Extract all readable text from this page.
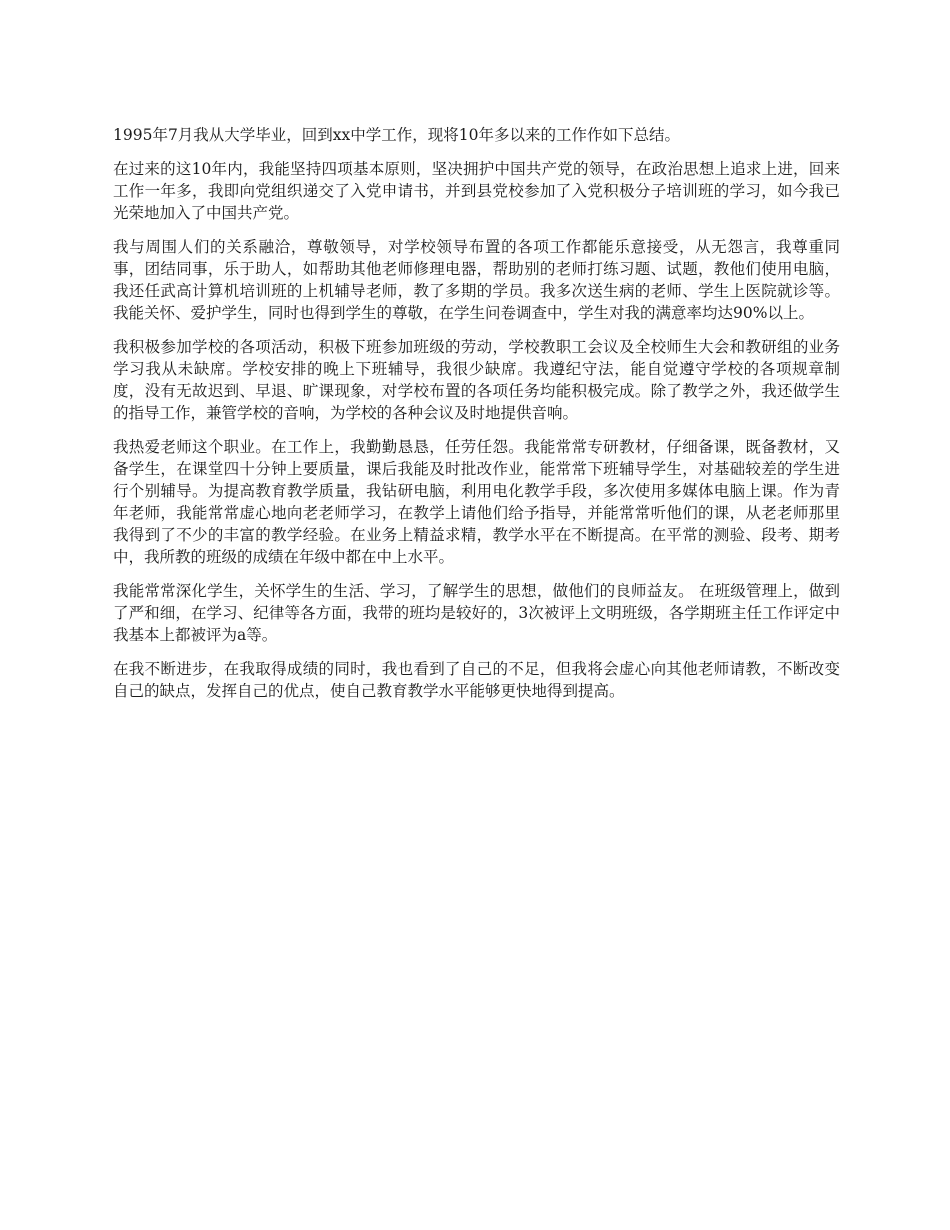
1995年7月我从大学毕业，回到xx中学工作，现将10年多以来的工作作如下总结。

在过来的这10年内，我能坚持四项基本原则，坚决拥护中国共产党的领导，在政治思想上追求上进，回来工作一年多，我即向党组织递交了入党申请书，并到县党校参加了入党积极分子培训班的学习，如今我已光荣地加入了中国共产党。

我与周围人们的关系融洽，尊敬领导，对学校领导布置的各项工作都能乐意接受，从无怨言，我尊重同事，团结同事，乐于助人，如帮助其他老师修理电器，帮助别的老师打练习题、试题，教他们使用电脑，我还任武高计算机培训班的上机辅导老师，教了多期的学员。我多次送生病的老师、学生上医院就诊等。我能关怀、爱护学生，同时也得到学生的尊敬，在学生问卷调查中，学生对我的满意率均达90%以上。

我积极参加学校的各项活动，积极下班参加班级的劳动，学校教职工会议及全校师生大会和教研组的业务学习我从未缺席。学校安排的晚上下班辅导，我很少缺席。我遵纪守法，能自觉遵守学校的各项规章制度，没有无故迟到、早退、旷课现象，对学校布置的各项任务均能积极完成。除了教学之外，我还做学生的指导工作，兼管学校的音响，为学校的各种会议及时地提供音响。

我热爱老师这个职业。在工作上，我勤勤恳恳，任劳任怨。我能常常专研教材，仔细备课，既备教材，又备学生，在课堂四十分钟上要质量，课后我能及时批改作业，能常常下班辅导学生，对基础较差的学生进行个别辅导。为提高教育教学质量，我钻研电脑，利用电化教学手段，多次使用多媒体电脑上课。作为青年老师，我能常常虚心地向老老师学习，在教学上请他们给予指导，并能常常听他们的课，从老老师那里我得到了不少的丰富的教学经验。在业务上精益求精，教学水平在不断提高。在平常的测验、段考、期考中，我所教的班级的成绩在年级中都在中上水平。

我能常常深化学生，关怀学生的生活、学习，了解学生的思想，做他们的良师益友。 在班级管理上，做到了严和细，在学习、纪律等各方面，我带的班均是较好的，3次被评上文明班级，各学期班主任工作评定中我基本上都被评为a等。

在我不断进步，在我取得成绩的同时，我也看到了自己的不足，但我将会虚心向其他老师请教，不断改变自己的缺点，发挥自己的优点，使自己教育教学水平能够更快地得到提高。
